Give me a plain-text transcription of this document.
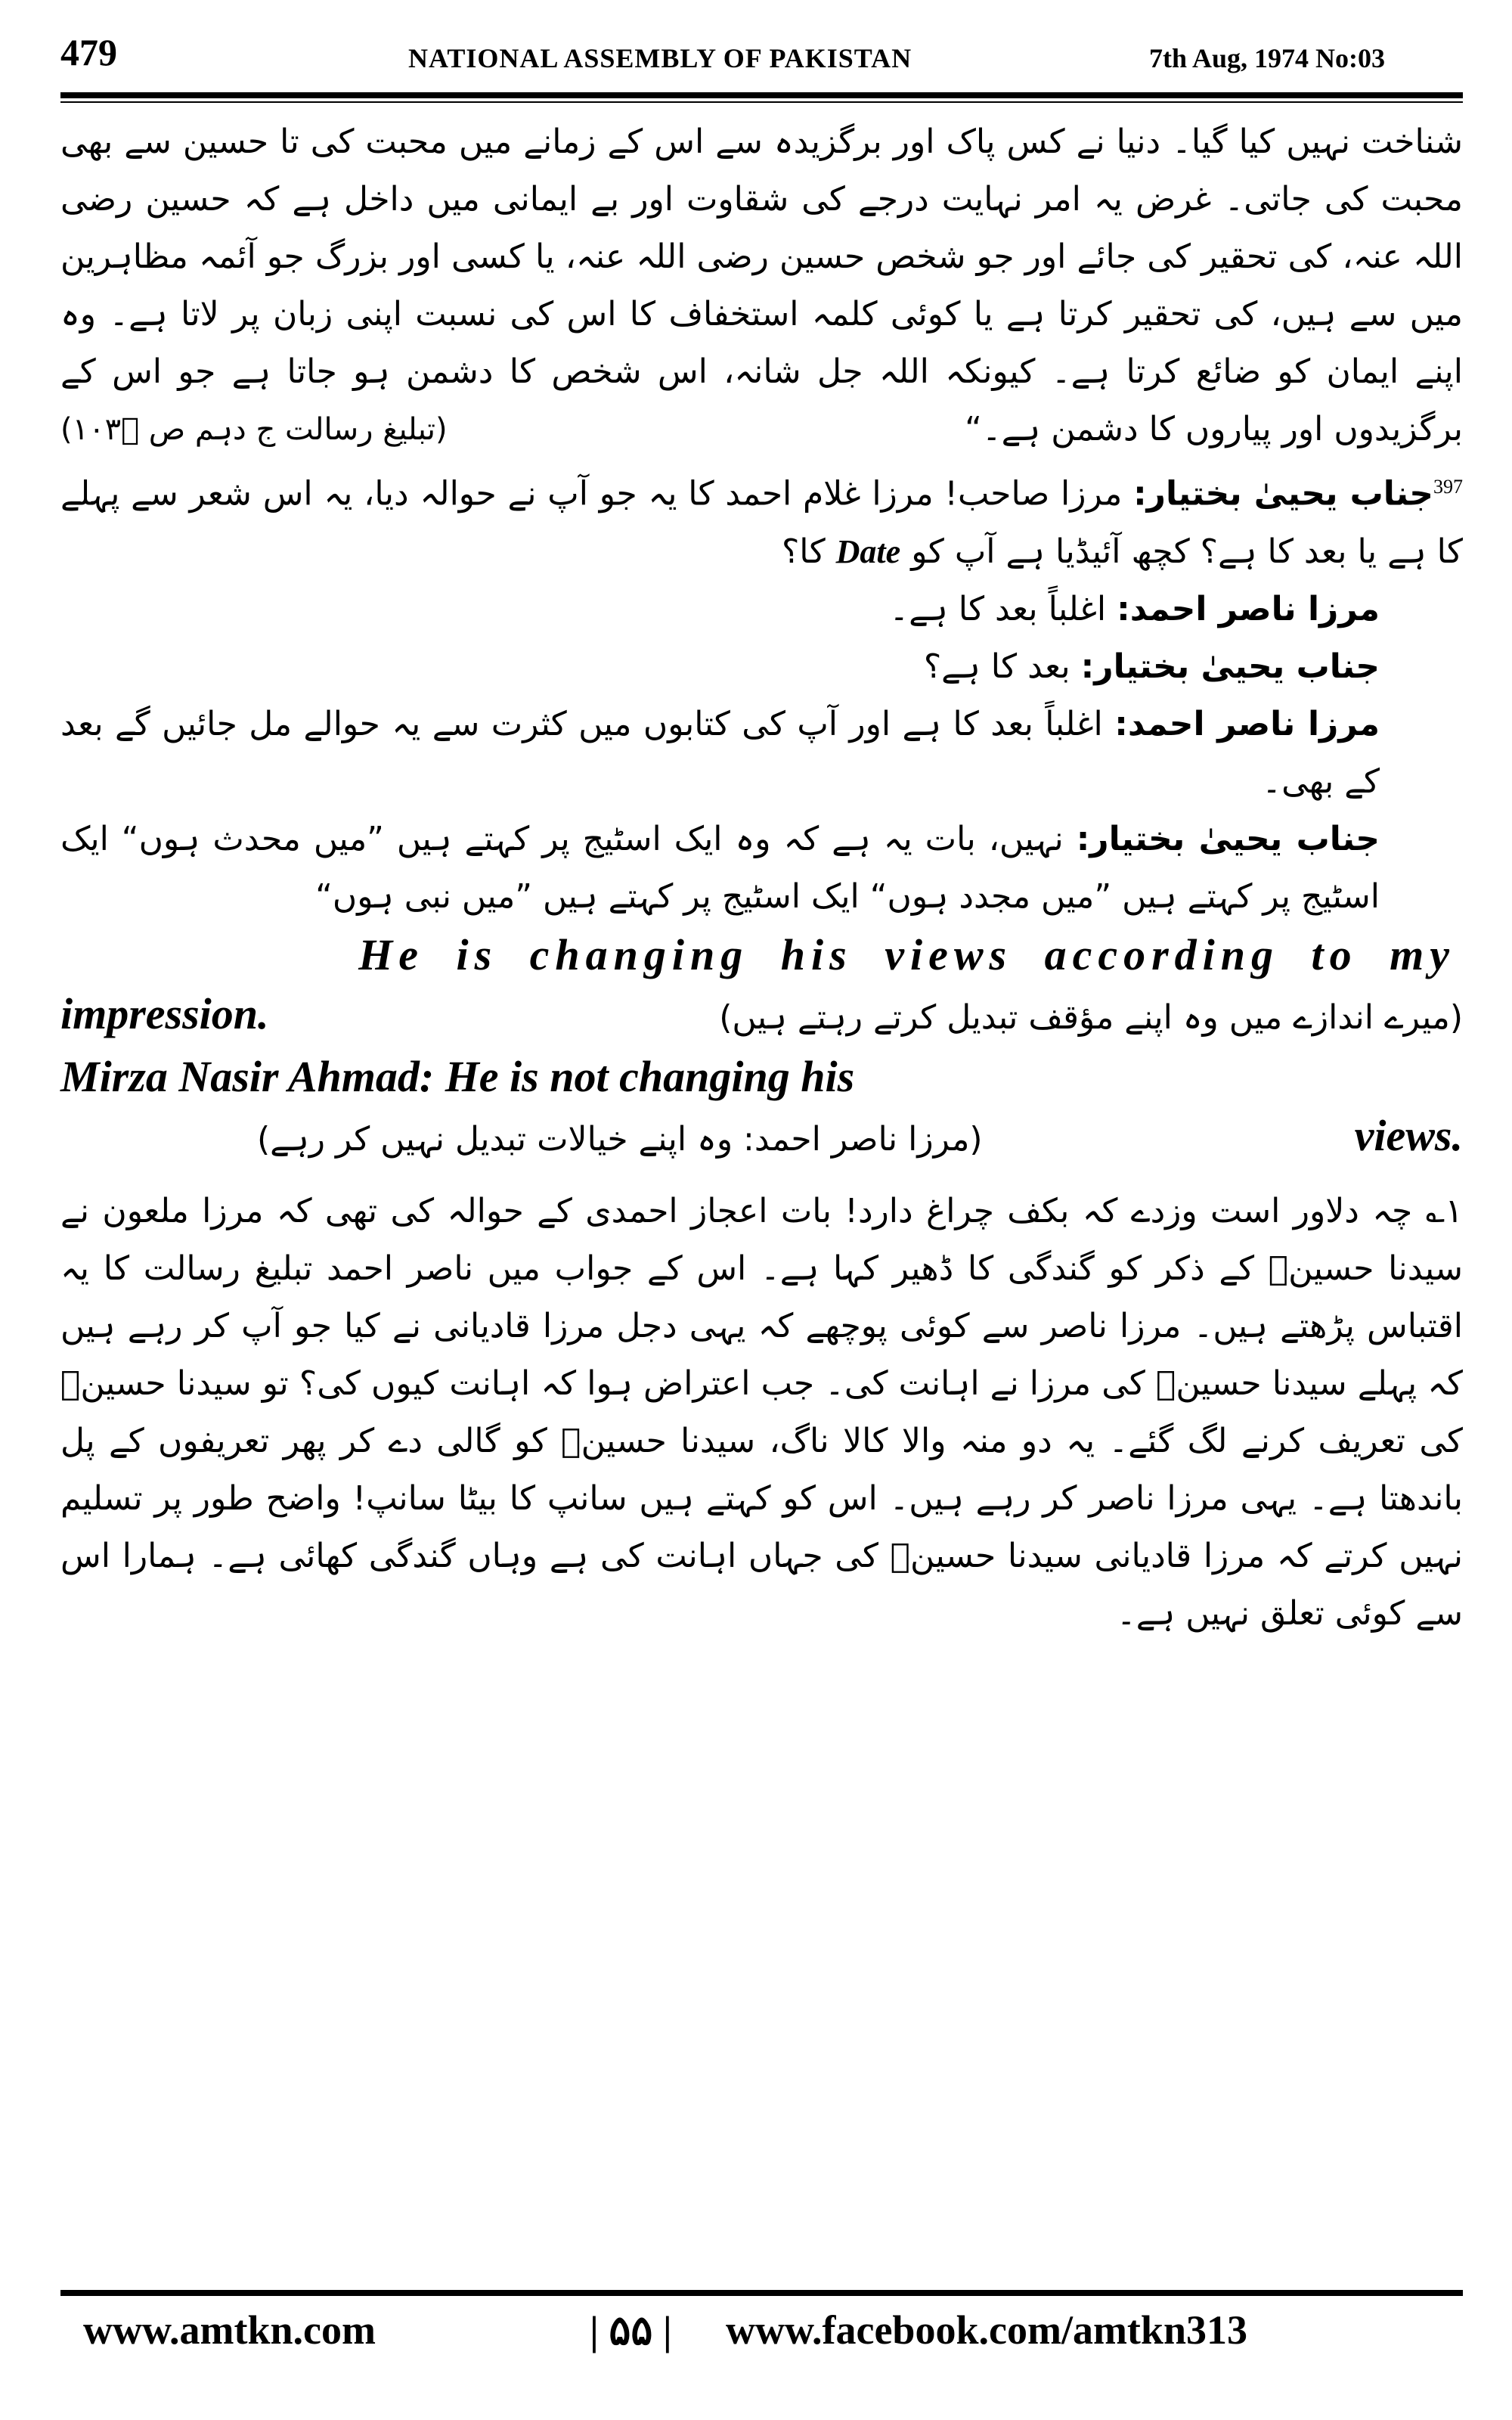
479	NATIONAL ASSEMBLY OF PAKISTAN	7th Aug, 1974 No:03

شناخت نہیں کیا گیا۔ دنیا نے کس پاک اور برگزیدہ سے اس کے زمانے میں محبت کی تا حسین سے بھی محبت کی جاتی۔ غرض یہ امر نہایت درجے کی شقاوت اور بے ایمانی میں داخل ہے کہ حسین رضی اللہ عنہ، کی تحقیر کی جائے اور جو شخص حسین رضی اللہ عنہ، یا کسی اور بزرگ جو آئمہ مظاہرین میں سے ہیں، کی تحقیر کرتا ہے یا کوئی کلمہ استخفاف کا اس کی نسبت اپنی زبان پر لاتا ہے۔ وہ اپنے ایمان کو ضائع کرتا ہے۔ کیونکہ اللہ جل شانہ، اس شخص کا دشمن ہو جاتا ہے جو اس کے برگزیدوں اور پیاروں کا دشمن ہے۔“
(تبلیغ رسالت ج دہم ص ۱۰۳ؒ)

$^{397}$جناب یحییٰ بختیار: مرزا صاحب! مرزا غلام احمد کا یہ جو آپ نے حوالہ دیا، یہ اس شعر سے پہلے کا ہے یا بعد کا ہے؟ کچھ آئیڈیا ہے آپ کو Date کا؟

مرزا ناصر احمد: اغلباً بعد کا ہے۔

جناب یحییٰ بختیار: بعد کا ہے؟

مرزا ناصر احمد: اغلباً بعد کا ہے اور آپ کی کتابوں میں کثرت سے یہ حوالے مل جائیں گے بعد کے بھی۔

جناب یحییٰ بختیار: نہیں، بات یہ ہے کہ وہ ایک اسٹیج پر کہتے ہیں ”میں محدث ہوں“ ایک اسٹیج پر کہتے ہیں ”میں مجدد ہوں“ ایک اسٹیج پر کہتے ہیں ”میں نبی ہوں“

He is changing his views according to my

impression.	(میرے اندازے میں وہ اپنے مؤقف تبدیل کرتے رہتے ہیں)

Mirza Nasir Ahmad: He is not changing his

(مرزا ناصر احمد: وہ اپنے خیالات تبدیل نہیں کر رہے)	views.

۱؎ چہ دلاور است وزدے کہ بکف چراغ دارد! بات اعجاز احمدی کے حوالہ کی تھی کہ مرزا ملعون نے سیدنا حسینؓ کے ذکر کو گندگی کا ڈھیر کہا ہے۔ اس کے جواب میں ناصر احمد تبلیغ رسالت کا یہ اقتباس پڑھتے ہیں۔ مرزا ناصر سے کوئی پوچھے کہ یہی دجل مرزا قادیانی نے کیا جو آپ کر رہے ہیں کہ پہلے سیدنا حسینؓ کی مرزا نے اہانت کی۔ جب اعتراض ہوا کہ اہانت کیوں کی؟ تو سیدنا حسینؓ کی تعریف کرنے لگ گئے۔ یہ دو منہ والا کالا ناگ، سیدنا حسینؓ کو گالی دے کر پھر تعریفوں کے پل باندھتا ہے۔ یہی مرزا ناصر کر رہے ہیں۔ اس کو کہتے ہیں سانپ کا بیٹا سانپ! واضح طور پر تسلیم نہیں کرتے کہ مرزا قادیانی سیدنا حسینؓ کی جہاں اہانت کی ہے وہاں گندگی کھائی ہے۔ ہمارا اس سے کوئی تعلق نہیں ہے۔

www.amtkn.com	| ۵۵ | www.facebook.com/amtkn313
